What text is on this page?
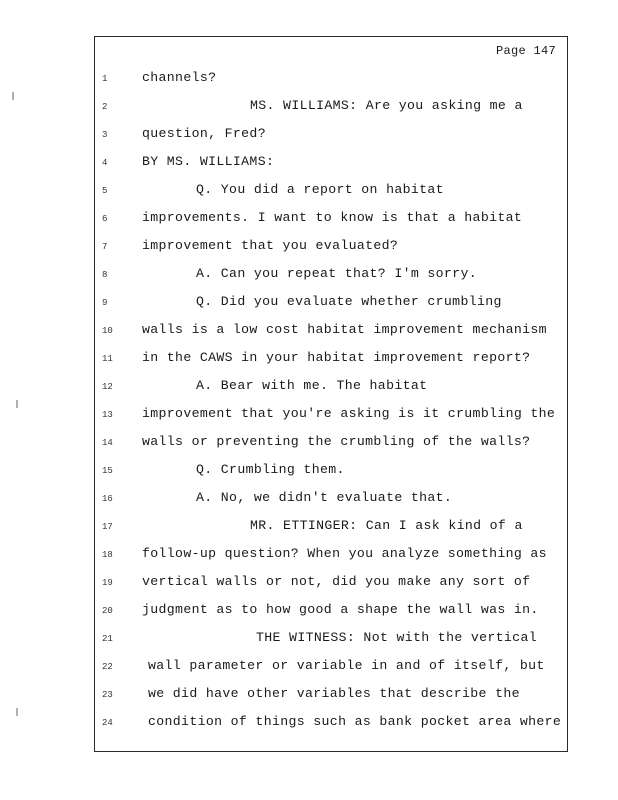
Page 147
1	channels?
2	MS. WILLIAMS: Are you asking me a
3	question, Fred?
4	BY MS. WILLIAMS:
5	Q. You did a report on habitat
6	improvements. I want to know is that a habitat
7	improvement that you evaluated?
8	A. Can you repeat that? I'm sorry.
9	Q. Did you evaluate whether crumbling
10	walls is a low cost habitat improvement mechanism
11	in the CAWS in your habitat improvement report?
12	A. Bear with me. The habitat
13	improvement that you're asking is it crumbling the
14	walls or preventing the crumbling of the walls?
15	Q. Crumbling them.
16	A. No, we didn't evaluate that.
17	MR. ETTINGER: Can I ask kind of a
18	follow-up question? When you analyze something as
19	vertical walls or not, did you make any sort of
20	judgment as to how good a shape the wall was in.
21	THE WITNESS: Not with the vertical
22	wall parameter or variable in and of itself, but
23	we did have other variables that describe the
24	condition of things such as bank pocket area where
